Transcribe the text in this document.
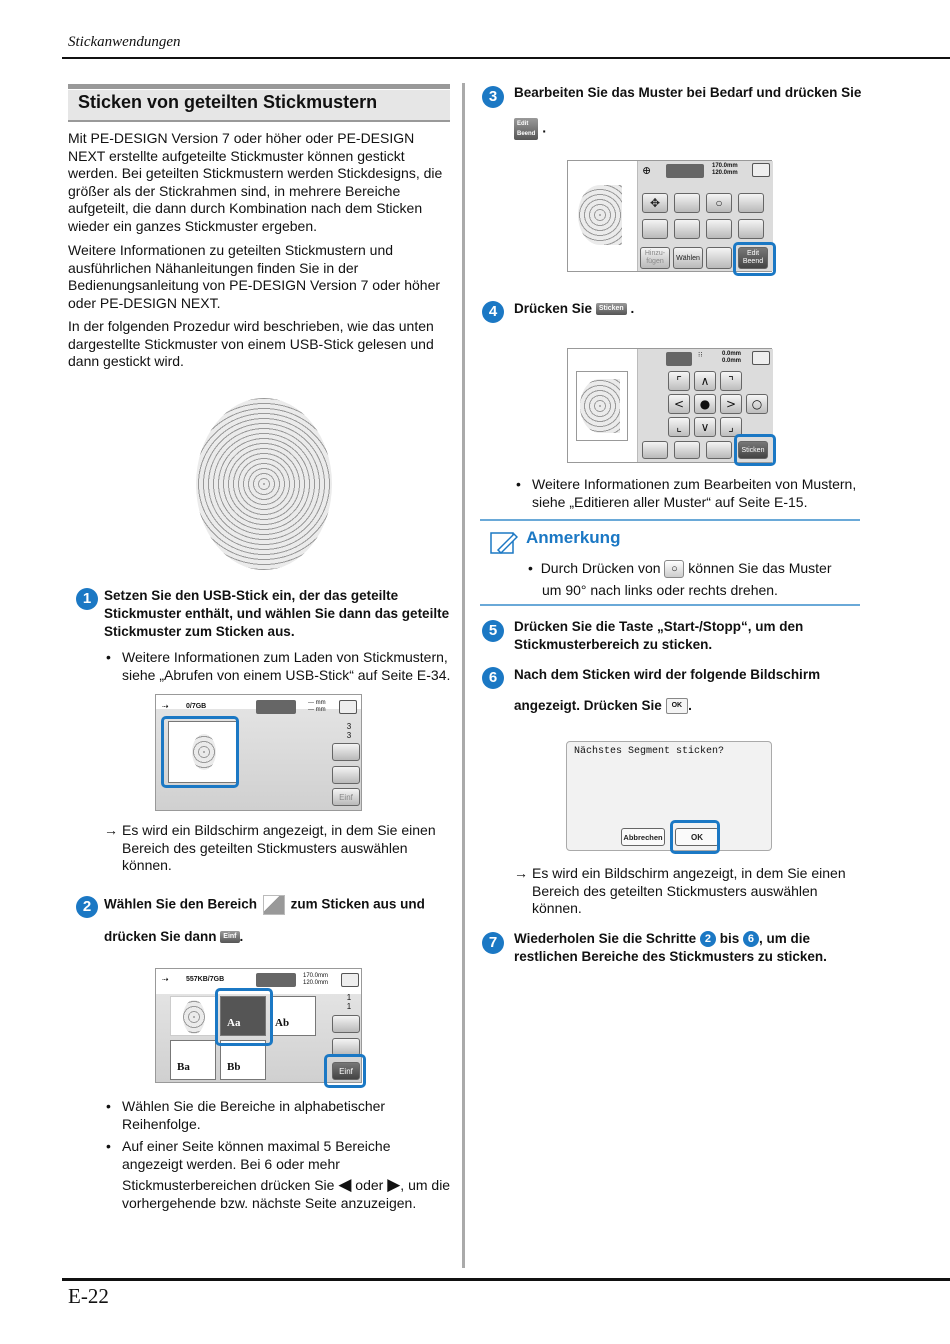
Stickanwendungen
E-22
Sticken von geteilten Stickmustern
Mit PE-DESIGN Version 7 oder höher oder PE-DESIGN NEXT erstellte aufgeteilte Stickmuster können gestickt werden. Bei geteilten Stickmustern werden Stickdesigns, die größer als der Stickrahmen sind, in mehrere Bereiche aufgeteilt, die dann durch Kombination nach dem Sticken wieder ein ganzes Stickmuster ergeben.
Weitere Informationen zu geteilten Stickmustern und ausführlichen Nähanleitungen finden Sie in der Bedienungsanleitung von PE-DESIGN Version 7 oder höher oder PE-DESIGN NEXT.
In der folgenden Prozedur wird beschrieben, wie das unten dargestellte Stickmuster von einem USB-Stick gelesen und dann gestickt wird.
1 Setzen Sie den USB-Stick ein, der das geteilte Stickmuster enthält, und wählen Sie dann das geteilte Stickmuster zum Sticken aus.
• Weitere Informationen zum Laden von Stickmustern, siehe „Abrufen von einem USB-Stick“ auf Seite E-34.
⇢ 0/7GB	--- mm
--- mm
3
3
Einf
→ Es wird ein Bildschirm angezeigt, in dem Sie einen Bereich des geteilten Stickmusters auswählen können.
2 Wählen Sie den Bereich zum Sticken aus und
drücken Sie dann Einf .
⇢ 557KB/7GB	170.0mm
120.0mm
Aa	Ab
Ba	Bb
1
1
Einf
• Wählen Sie die Bereiche in alphabetischer Reihenfolge.
• Auf einer Seite können maximal 5 Bereiche angezeigt werden. Bei 6 oder mehr
Stickmusterbereichen drücken Sie ◀ oder ▶, um die vorhergehende bzw. nächste Seite anzuzeigen.
3	Bearbeiten Sie das Muster bei Bedarf und drücken Sie
Edit
Beend .
⊕	170.0mm
120.0mm
✥	○
Hinzu-
fügen	Wählen
Edit
Beend
4	Drücken Sie Sticken .
⁝⁝	0.0mm
0.0mm
⌜	∧	⌝
<	●	>	○
⌞	∨	⌟
Sticken
• Weitere Informationen zum Bearbeiten von Mustern, siehe „Editieren aller Muster“ auf Seite E-15.
Anmerkung
• Durch Drücken von ○ können Sie das Muster
um 90° nach links oder rechts drehen.
5	Drücken Sie die Taste „Start-/Stopp“, um den Stickmusterbereich zu sticken.
6	Nach dem Sticken wird der folgende Bildschirm
angezeigt. Drücken Sie OK .
Nächstes Segment sticken?
Abbrechen	OK
→ Es wird ein Bildschirm angezeigt, in dem Sie einen Bereich des geteilten Stickmusters auswählen können.
7	Wiederholen Sie die Schritte 2 bis 6 , um die restlichen Bereiche des Stickmusters zu sticken.
